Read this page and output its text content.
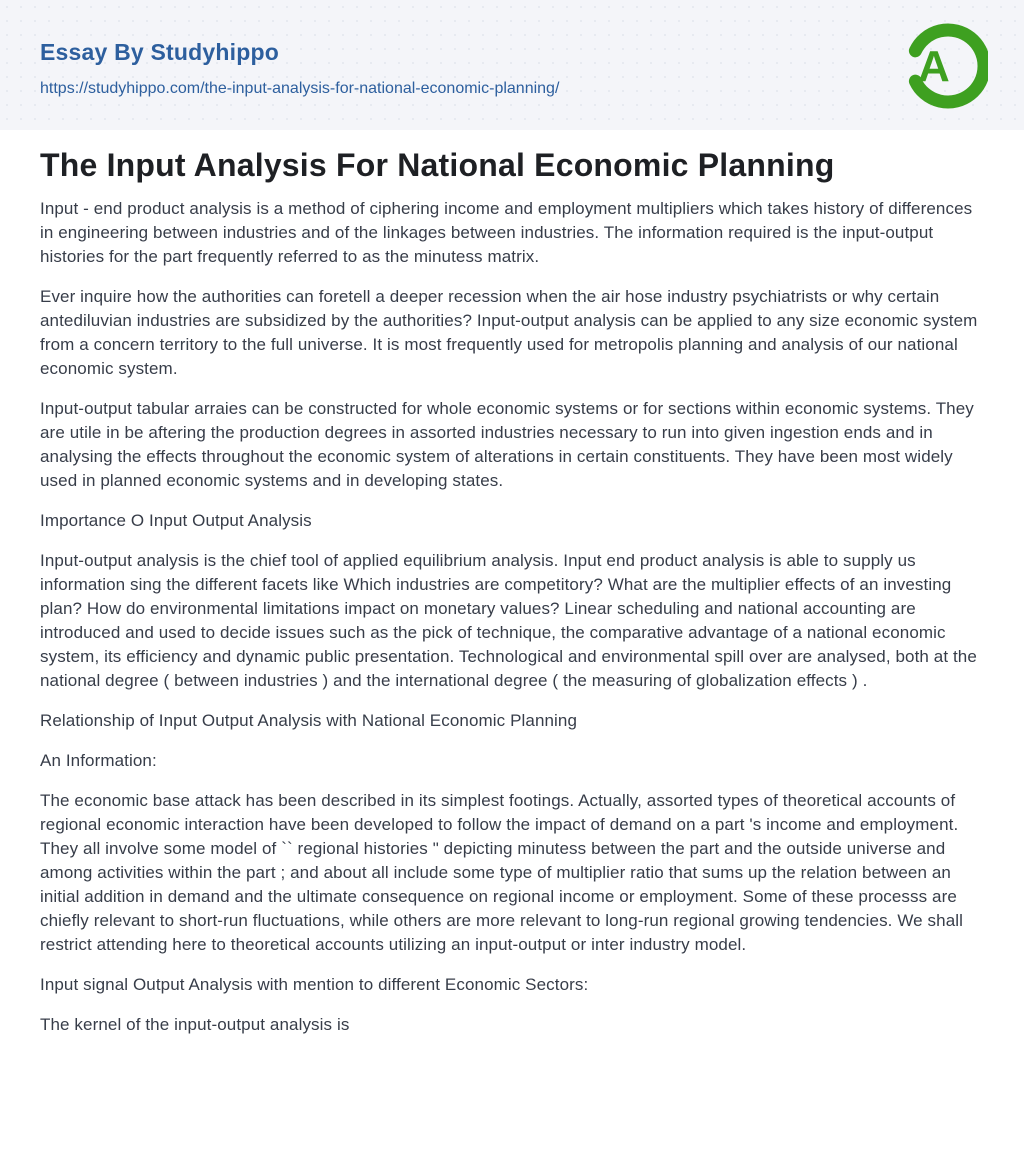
Essay By Studyhippo
https://studyhippo.com/the-input-analysis-for-national-economic-planning/	A
The Input Analysis For National Economic Planning

Input - end product analysis is a method of ciphering income and employment multipliers which takes history of differences in engineering between industries and of the linkages between industries. The information required is the input-output histories for the part frequently referred to as the minutess matrix.

Ever inquire how the authorities can foretell a deeper recession when the air hose industry psychiatrists or why certain antediluvian industries are subsidized by the authorities? Input-output analysis can be applied to any size economic system from a concern territory to the full universe. It is most frequently used for metropolis planning and analysis of our national economic system.

Input-output tabular arraies can be constructed for whole economic systems or for sections within economic systems. They are utile in be aftering the production degrees in assorted industries necessary to run into given ingestion ends and in analysing the effects throughout the economic system of alterations in certain constituents. They have been most widely used in planned economic systems and in developing states.

Importance O Input Output Analysis

Input-output analysis is the chief tool of applied equilibrium analysis. Input end product analysis is able to supply us information sing the different facets like Which industries are competitory? What are the multiplier effects of an investing plan? How do environmental limitations impact on monetary values? Linear scheduling and national accounting are introduced and used to decide issues such as the pick of technique, the comparative advantage of a national economic system, its efficiency and dynamic public presentation. Technological and environmental spill over are analysed, both at the national degree ( between industries ) and the international degree ( the measuring of globalization effects ) .

Relationship of Input Output Analysis with National Economic Planning

An Information:

The economic base attack has been described in its simplest footings. Actually, assorted types of theoretical accounts of regional economic interaction have been developed to follow the impact of demand on a part 's income and employment. They all involve some model of `` regional histories " depicting minutess between the part and the outside universe and among activities within the part ; and about all include some type of multiplier ratio that sums up the relation between an initial addition in demand and the ultimate consequence on regional income or employment. Some of these processs are chiefly relevant to short-run fluctuations, while others are more relevant to long-run regional growing tendencies. We shall restrict attending here to theoretical accounts utilizing an input-output or inter industry model.

Input signal Output Analysis with mention to different Economic Sectors:

The kernel of the input-output analysis is
